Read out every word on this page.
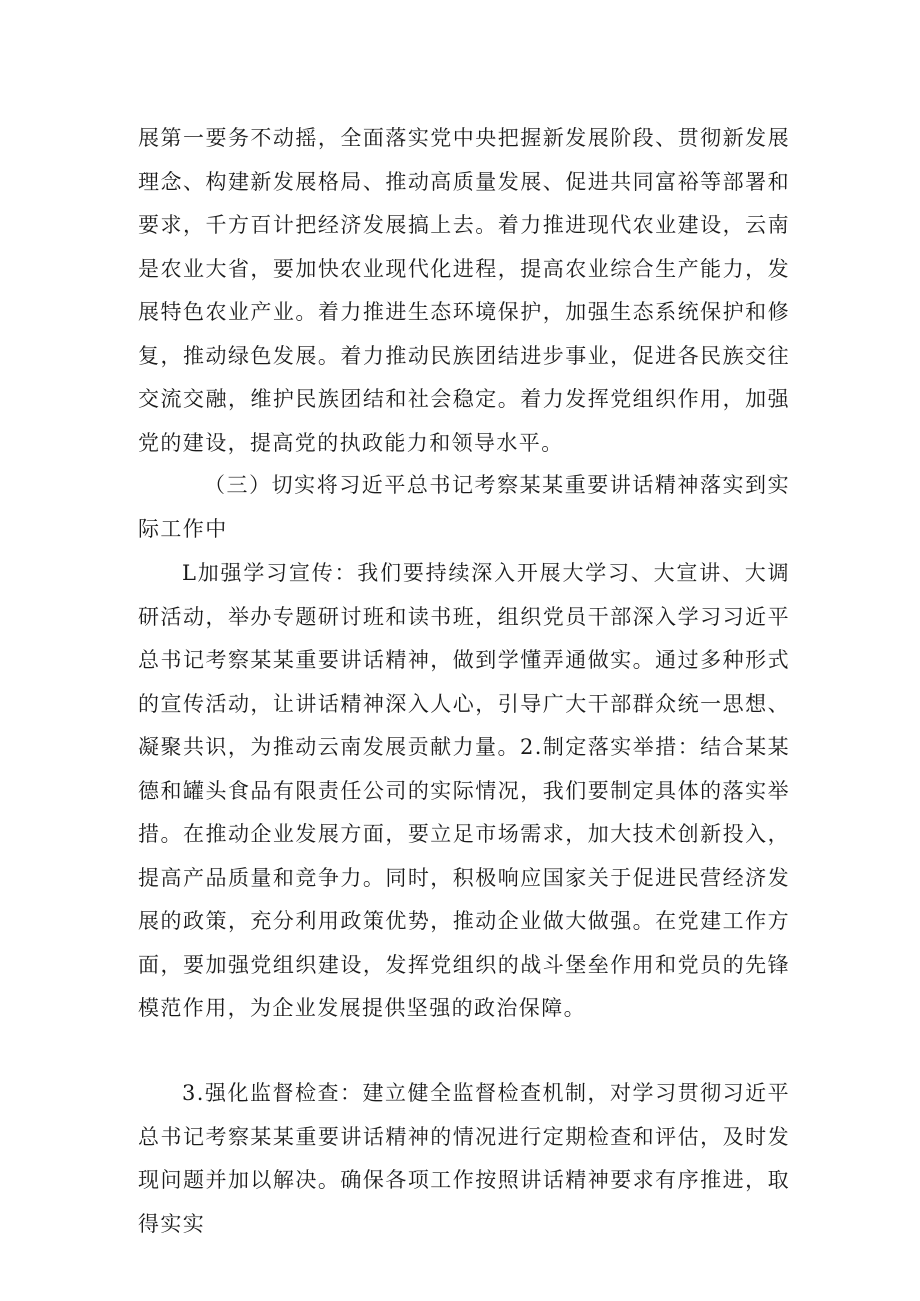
展第一要务不动摇，全面落实党中央把握新发展阶段、贯彻新发展理念、构建新发展格局、推动高质量发展、促进共同富裕等部署和要求，千方百计把经济发展搞上去。着力推进现代农业建设，云南是农业大省，要加快农业现代化进程，提高农业综合生产能力，发展特色农业产业。着力推进生态环境保护，加强生态系统保护和修复，推动绿色发展。着力推动民族团结进步事业，促进各民族交往交流交融，维护民族团结和社会稳定。着力发挥党组织作用，加强党的建设，提高党的执政能力和领导水平。

（三）切实将习近平总书记考察某某重要讲话精神落实到实际工作中

L加强学习宣传：我们要持续深入开展大学习、大宣讲、大调研活动，举办专题研讨班和读书班，组织党员干部深入学习习近平总书记考察某某重要讲话精神，做到学懂弄通做实。通过多种形式的宣传活动，让讲话精神深入人心，引导广大干部群众统一思想、凝聚共识，为推动云南发展贡献力量。2.制定落实举措：结合某某德和罐头食品有限责任公司的实际情况，我们要制定具体的落实举措。在推动企业发展方面，要立足市场需求，加大技术创新投入，提高产品质量和竞争力。同时，积极响应国家关于促进民营经济发展的政策，充分利用政策优势，推动企业做大做强。在党建工作方面，要加强党组织建设，发挥党组织的战斗堡垒作用和党员的先锋模范作用，为企业发展提供坚强的政治保障。

3.强化监督检查：建立健全监督检查机制，对学习贯彻习近平总书记考察某某重要讲话精神的情况进行定期检查和评估，及时发现问题并加以解决。确保各项工作按照讲话精神要求有序推进，取得实实
